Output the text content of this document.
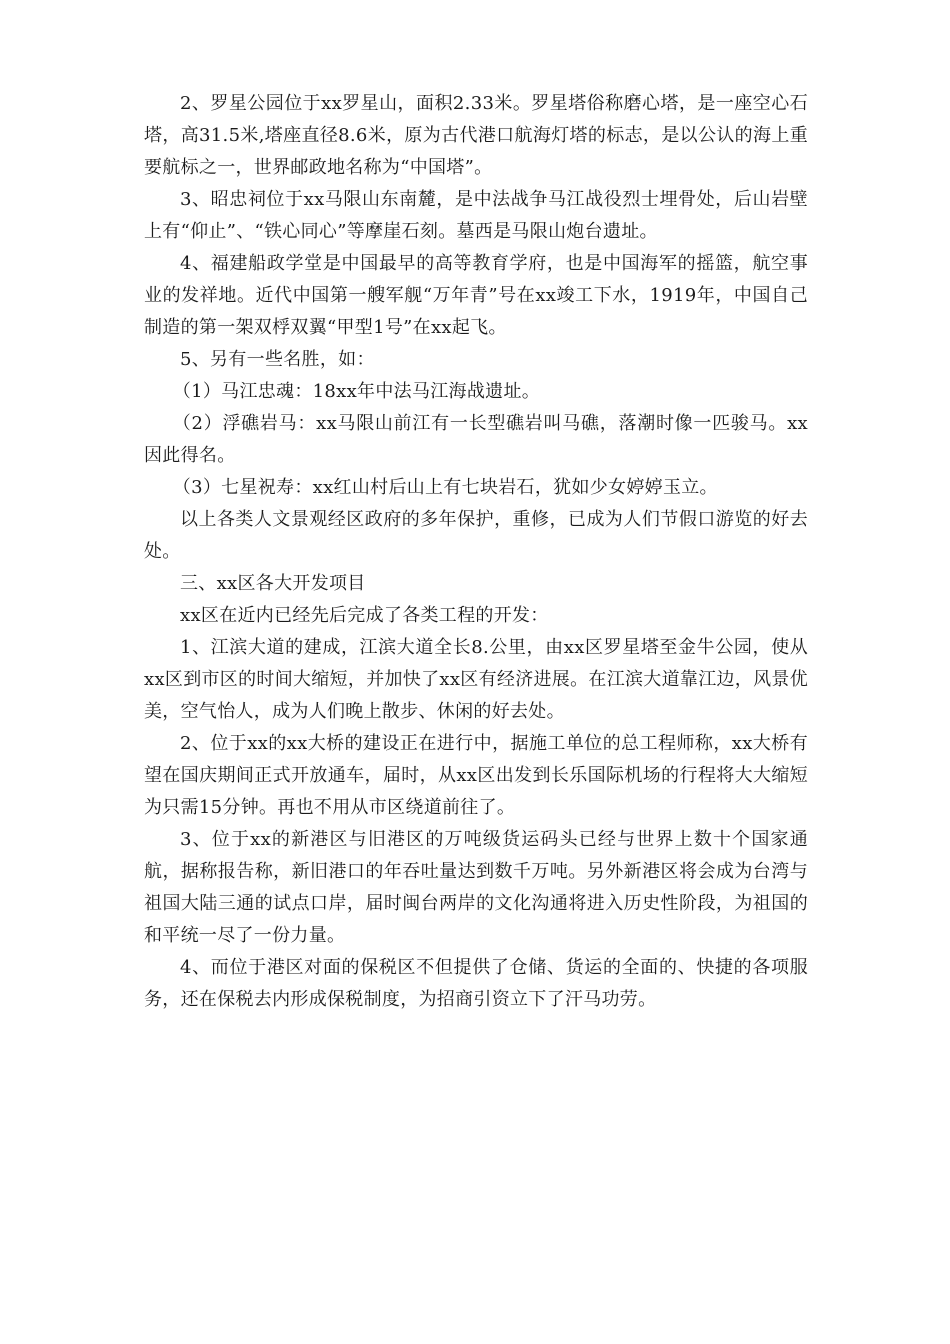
2、罗星公园位于xx罗星山，面积2.33米。罗星塔俗称磨心塔，是一座空心石塔，高31.5米,塔座直径8.6米，原为古代港口航海灯塔的标志，是以公认的海上重要航标之一，世界邮政地名称为“中国塔”。

3、昭忠祠位于xx马限山东南麓，是中法战争马江战役烈士埋骨处，后山岩壁上有“仰止”、“铁心同心”等摩崖石刻。墓西是马限山炮台遗址。

4、福建船政学堂是中国最早的高等教育学府，也是中国海军的摇篮，航空事业的发祥地。近代中国第一艘军舰“万年青”号在xx竣工下水，1919年，中国自己制造的第一架双桴双翼“甲型1号”在xx起飞。

5、另有一些名胜，如：

（1）马江忠魂：18xx年中法马江海战遗址。

（2）浮礁岩马：xx马限山前江有一长型礁岩叫马礁，落潮时像一匹骏马。xx因此得名。

（3）七星祝寿：xx红山村后山上有七块岩石，犹如少女婷婷玉立。

以上各类人文景观经区政府的多年保护，重修，已成为人们节假口游览的好去处。

三、xx区各大开发项目

xx区在近内已经先后完成了各类工程的开发：

1、江滨大道的建成，江滨大道全长8.公里，由xx区罗星塔至金牛公园，使从xx区到市区的时间大缩短，并加快了xx区有经济进展。在江滨大道靠江边，风景优美，空气怡人，成为人们晚上散步、休闲的好去处。

2、位于xx的xx大桥的建设正在进行中，据施工单位的总工程师称，xx大桥有望在国庆期间正式开放通车，届时，从xx区出发到长乐国际机场的行程将大大缩短为只需15分钟。再也不用从市区绕道前往了。

3、位于xx的新港区与旧港区的万吨级货运码头已经与世界上数十个国家通航，据称报告称，新旧港口的年吞吐量达到数千万吨。另外新港区将会成为台湾与祖国大陆三通的试点口岸，届时闽台两岸的文化沟通将进入历史性阶段，为祖国的和平统一尽了一份力量。

4、而位于港区对面的保税区不但提供了仓储、货运的全面的、快捷的各项服务，还在保税去内形成保税制度，为招商引资立下了汗马功劳。
